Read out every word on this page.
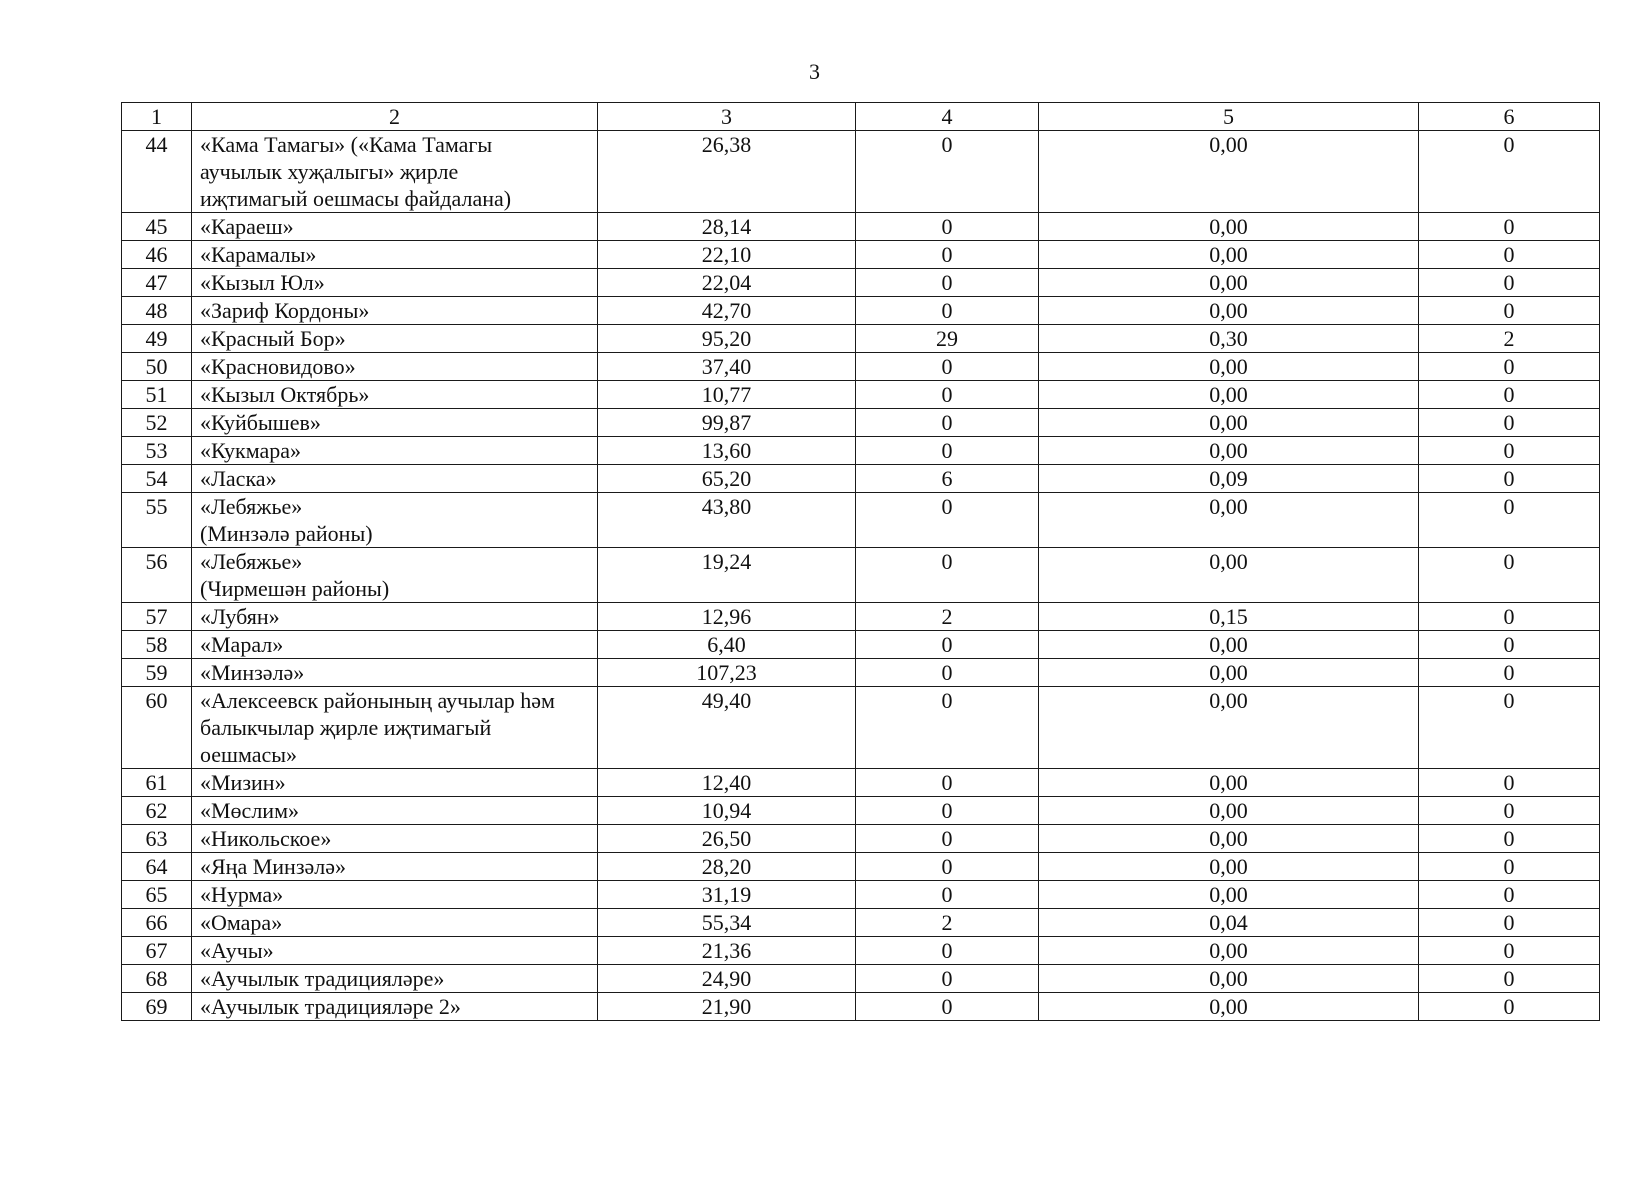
3
1	2	3	4	5	6
44	«Кама Тамагы» («Кама Тамагы
аучылык хуҗалыгы» җирле
иҗтимагый оешмасы файдалана)	26,38	0	0,00	0
45	«Караеш»	28,14	0	0,00	0
46	«Карамалы»	22,10	0	0,00	0
47	«Кызыл Юл»	22,04	0	0,00	0
48	«Зариф Кордоны»	42,70	0	0,00	0
49	«Красный Бор»	95,20	29	0,30	2
50	«Красновидово»	37,40	0	0,00	0
51	«Кызыл Октябрь»	10,77	0	0,00	0
52	«Куйбышев»	99,87	0	0,00	0
53	«Кукмара»	13,60	0	0,00	0
54	«Ласка»	65,20	6	0,09	0
55	«Лебяжье»
(Минзәлә районы)	43,80	0	0,00	0
56	«Лебяжье»
(Чирмешән районы)	19,24	0	0,00	0
57	«Лубян»	12,96	2	0,15	0
58	«Марал»	6,40	0	0,00	0
59	«Минзәлә»	107,23	0	0,00	0
60	«Алексеевск районының аучылар һәм
балыкчылар җирле иҗтимагый
оешмасы»	49,40	0	0,00	0
61	«Мизин»	12,40	0	0,00	0
62	«Мөслим»	10,94	0	0,00	0
63	«Никольское»	26,50	0	0,00	0
64	«Яңа Минзәлә»	28,20	0	0,00	0
65	«Нурма»	31,19	0	0,00	0
66	«Омара»	55,34	2	0,04	0
67	«Аучы»	21,36	0	0,00	0
68	«Аучылык традицияләре»	24,90	0	0,00	0
69	«Аучылык традицияләре 2»	21,90	0	0,00	0
